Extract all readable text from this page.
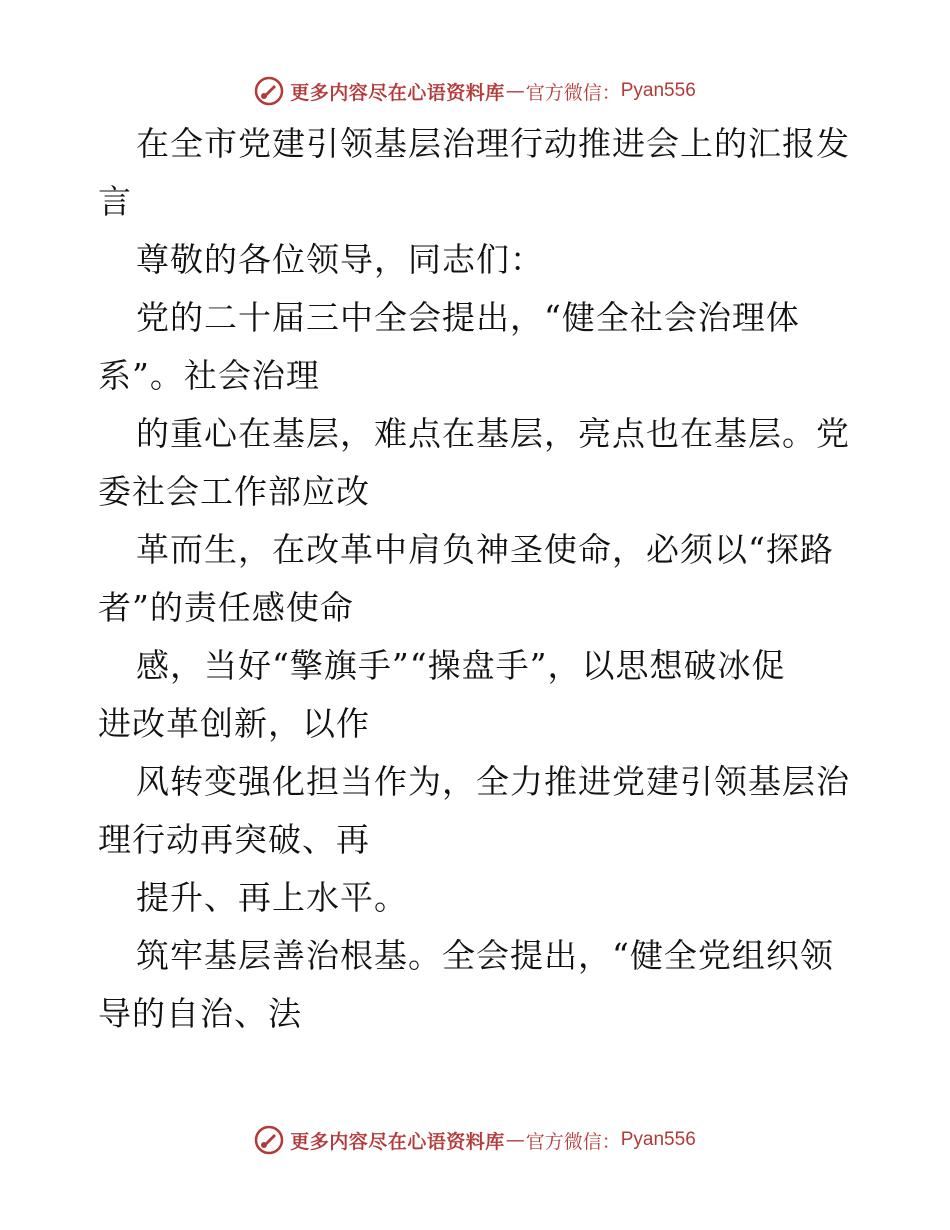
更多内容尽在心语资料库 — 官方微信： Pyan556
在全市党建引领基层治理行动推进会上的汇报发
言
尊敬的各位领导，同志们：
党的二十届三中全会提出，“健全社会治理体
系”。社会治理
的重心在基层，难点在基层，亮点也在基层。党
委社会工作部应改
革而生，在改革中肩负神圣使命，必须以“探路
者”的责任感使命
感，当好“擎旗手”“操盘手”，以思想破冰促
进改革创新，以作
风转变强化担当作为，全力推进党建引领基层治
理行动再突破、再
提升、再上水平。
筑牢基层善治根基。全会提出，“健全党组织领
导的自治、法
更多内容尽在心语资料库 — 官方微信： Pyan556
